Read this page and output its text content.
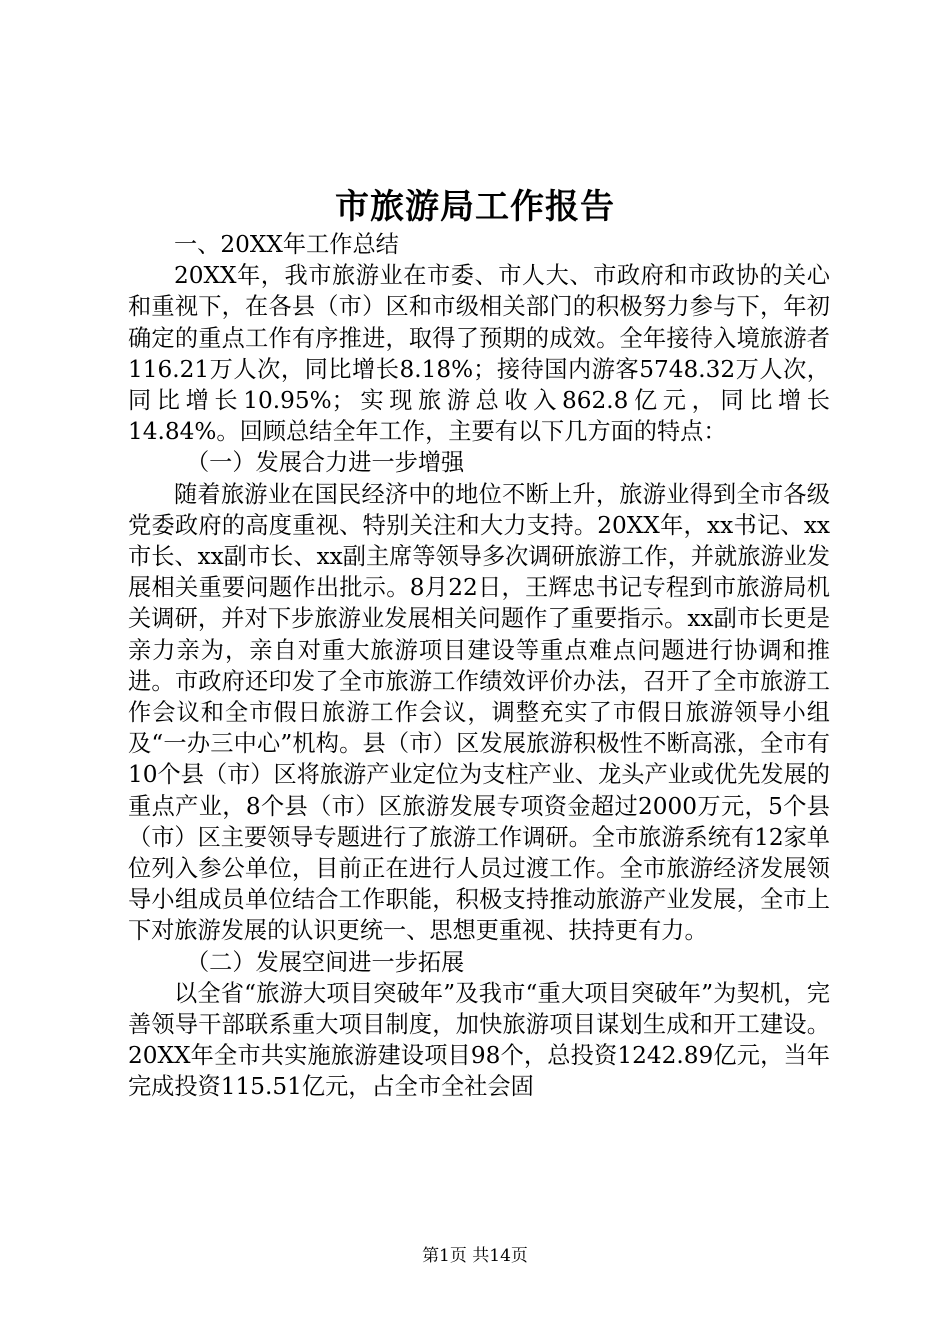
市旅游局工作报告

一、20XX年工作总结

20XX年，我市旅游业在市委、市人大、市政府和市政协的关心和重视下，在各县（市）区和市级相关部门的积极努力参与下，年初确定的重点工作有序推进，取得了预期的成效。全年接待入境旅游者116.21万人次，同比增长8.18%；接待国内游客5748.32万人次，同比增长10.95%；实现旅游总收入862.8亿元，同比增长14.84%。回顾总结全年工作，主要有以下几方面的特点：

（一）发展合力进一步增强

随着旅游业在国民经济中的地位不断上升，旅游业得到全市各级党委政府的高度重视、特别关注和大力支持。20XX年，xx书记、xx市长、xx副市长、xx副主席等领导多次调研旅游工作，并就旅游业发展相关重要问题作出批示。8月22日，王辉忠书记专程到市旅游局机关调研，并对下步旅游业发展相关问题作了重要指示。xx副市长更是亲力亲为，亲自对重大旅游项目建设等重点难点问题进行协调和推进。市政府还印发了全市旅游工作绩效评价办法，召开了全市旅游工作会议和全市假日旅游工作会议，调整充实了市假日旅游领导小组及“一办三中心”机构。县（市）区发展旅游积极性不断高涨，全市有10个县（市）区将旅游产业定位为支柱产业、龙头产业或优先发展的重点产业，8个县（市）区旅游发展专项资金超过2000万元，5个县（市）区主要领导专题进行了旅游工作调研。全市旅游系统有12家单位列入参公单位，目前正在进行人员过渡工作。全市旅游经济发展领导小组成员单位结合工作职能，积极支持推动旅游产业发展，全市上下对旅游发展的认识更统一、思想更重视、扶持更有力。

（二）发展空间进一步拓展

以全省“旅游大项目突破年”及我市“重大项目突破年”为契机，完善领导干部联系重大项目制度，加快旅游项目谋划生成和开工建设。20XX年全市共实施旅游建设项目98个，总投资1242.89亿元，当年完成投资115.51亿元，占全市全社会固

第1页 共14页
